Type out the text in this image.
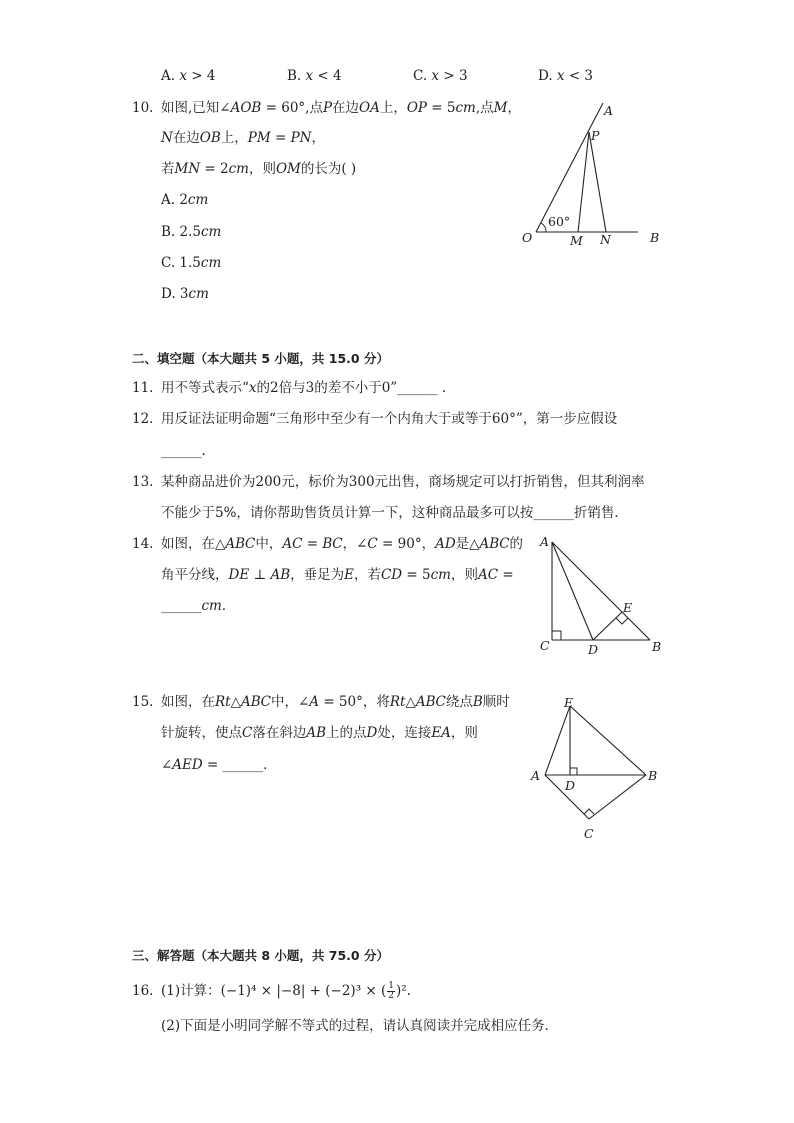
A. 𝑥 > 4	B. 𝑥 < 4	C. 𝑥 > 3	D. 𝑥 < 3
10. 如图,已知∠𝐴𝑂𝐵 = 60°,点𝑃在边𝑂𝐴上，𝑂𝑃 = 5𝑐𝑚,点𝑀，
𝑁在边𝑂𝐵上，𝑃𝑀 = 𝑃𝑁，
若𝑀𝑁 = 2𝑐𝑚，则𝑂𝑀的长为( )
A. 2𝑐𝑚
B. 2.5𝑐𝑚
C. 1.5𝑐𝑚
D. 3𝑐𝑚
A
P
60°
O	M N	B
二、填空题（本大题共 5 小题，共 15.0 分）
11. 用不等式表示“𝑥的2倍与3的差不小于0”______ ．
12. 用反证法证明命题“三角形中至少有一个内角大于或等于60°”，第一步应假设
______.
13. 某种商品进价为200元，标价为300元出售，商场规定可以打折销售，但其利润率
不能少于5%，请你帮助售货员计算一下，这种商品最多可以按______折销售．
14. 如图，在△𝐴𝐵𝐶中，𝐴𝐶 = 𝐵𝐶，∠𝐶 = 90°，𝐴𝐷是△𝐴𝐵𝐶的
角平分线，𝐷𝐸 ⊥ 𝐴𝐵，垂足为𝐸，若𝐶𝐷 = 5𝑐𝑚，则𝐴𝐶 =
______𝑐𝑚．
A
E
C	D	B
15. 如图，在𝑅𝑡△𝐴𝐵𝐶中，∠𝐴 = 50°，将𝑅𝑡△𝐴𝐵𝐶绕点𝐵顺时
针旋转，使点𝐶落在斜边𝐴𝐵上的点𝐷处，连接𝐸𝐴，则
∠𝐴𝐸𝐷 = ______．
E
A
D
B
C
三、解答题（本大题共 8 小题，共 75.0 分）
16. (1)计算：(−1)⁴ × |−8| + (−2)³ × ( $\frac{1}{2} )^2$.
(2)下面是小明同学解不等式的过程，请认真阅读并完成相应任务．
